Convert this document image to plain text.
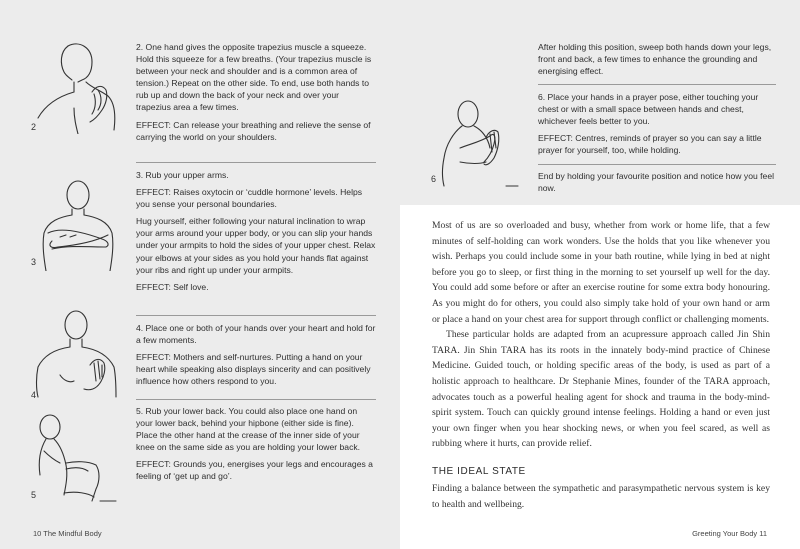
2
3
4
5

2. One hand gives the opposite trapezius muscle a squeeze. Hold this squeeze for a few breaths. (Your trapezius muscle is between your neck and shoulder and is a common area of tension.) Repeat on the other side. To end, use both hands to rub up and down the back of your neck and over your trapezius area a few times.

EFFECT: Can release your breathing and relieve the sense of carrying the world on your shoulders.

3. Rub your upper arms.

EFFECT: Raises oxytocin or ‘cuddle hormone’ levels. Helps you sense your personal boundaries.

Hug yourself, either following your natural inclination to wrap your arms around your upper body, or you can slip your hands under your armpits to hold the sides of your upper chest. Relax your elbows at your sides as you hold your hands flat against your ribs and right up under your armpits.

EFFECT: Self love.

4. Place one or both of your hands over your heart and hold for a few moments.

EFFECT: Mothers and self-nurtures. Putting a hand on your heart while speaking also displays sincerity and can positively influence how others respond to you.

5. Rub your lower back. You could also place one hand on your lower back, behind your hipbone (either side is fine). Place the other hand at the crease of the inner side of your knee on the same side as you are holding your lower back.

EFFECT: Grounds you, energises your legs and encourages a feeling of ‘get up and go’.

10 The Mindful Body
6

After holding this position, sweep both hands down your legs, front and back, a few times to enhance the grounding and energising effect.

6. Place your hands in a prayer pose, either touching your chest or with a small space between hands and chest, whichever feels better to you.

EFFECT: Centres, reminds of prayer so you can say a little prayer for yourself, too, while holding.

End by holding your favourite position and notice how you feel now.

Most of us are so overloaded and busy, whether from work or home life, that a few minutes of self-holding can work wonders. Use the holds that you like whenever you wish. Perhaps you could include some in your bath routine, while lying in bed at night before you go to sleep, or first thing in the morning to set yourself up well for the day. You could add some before or after an exercise routine for some extra body honouring. As you might do for others, you could also simply take hold of your own hand or arm or place a hand on your chest area for support through conflict or challenging moments.

These particular holds are adapted from an acupressure approach called Jin Shin TARA. Jin Shin TARA has its roots in the innately body-mind practice of Chinese Medicine. Guided touch, or holding specific areas of the body, is used as part of a holistic approach to healthcare. Dr Stephanie Mines, founder of the TARA approach, advocates touch as a powerful healing agent for shock and trauma in the body-mind-spirit system. Touch can quickly ground intense feelings. Holding a hand or even just your own finger when you hear shocking news, or when you feel scared, as well as rubbing where it hurts, can provide relief.

THE IDEAL STATE

Finding a balance between the sympathetic and parasympathetic nervous system is key to health and wellbeing.

Greeting Your Body 11
